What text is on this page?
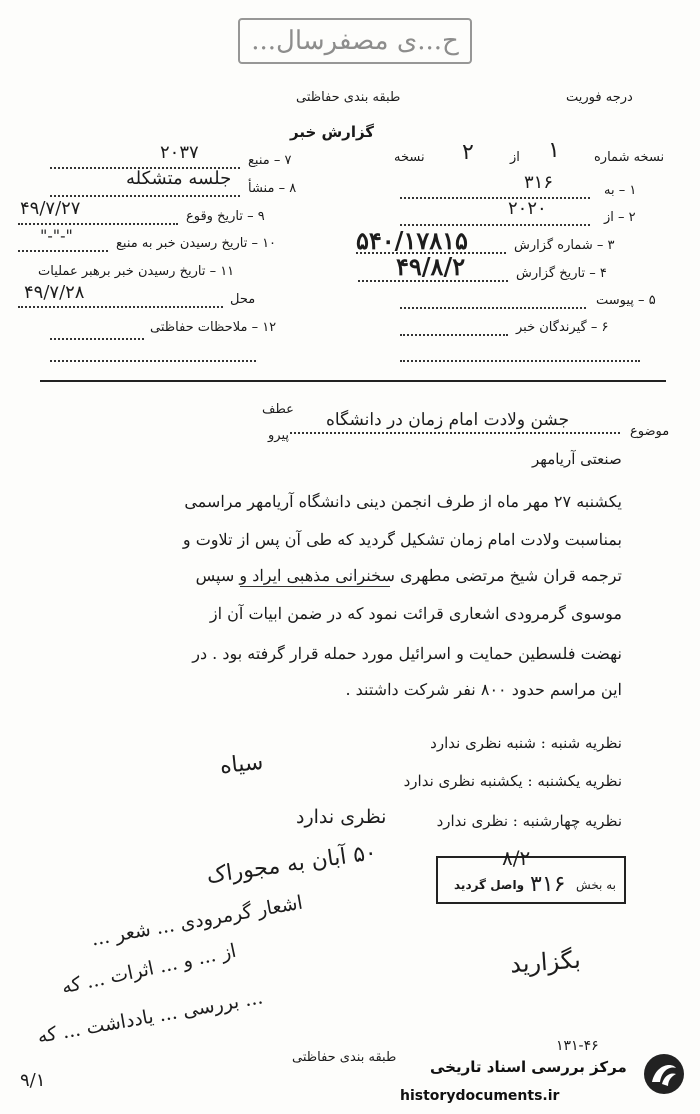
ح...ی مصفرسال...
طبقه بندی حفاظتی	درجه فوریت
گزارش خبر
نسخه شماره
۱
از
۲
نسخه
۱ – به
۳۱۶
۲ – از
۲۰۲۰
۳ – شماره گزارش
۵۴۰/۱۷۸۱۵
۴ – تاریخ گزارش
۴۹/۸/۲
۵ – پیوست
۶ – گیرندگان خبر
۷ – منبع
۲۰۳۷
۸ – منشأ
جلسه متشکله
۹ – تاریخ وقوع
۴۹/۷/۲۷
۱۰ – تاریخ رسیدن خبر به منبع
"-"-"
۱۱ – تاریخ رسیدن خبر برهبر عملیات
محل
۴۹/۷/۲۸
۱۲ – ملاحظات حفاظتی
موضوع
جشن ولادت امام زمان در دانشگاه
عطف
پیرو
صنعتی آریامهر
یکشنبه ۲۷ مهر ماه از طرف انجمن دینی دانشگاه آریامهر مراسمی
بمناسبت ولادت امام زمان تشکیل گردید که طی آن پس از تلاوت و
ترجمه قران شیخ مرتضی مطهری سخنرانی مذهبی ایراد و سپس
موسوی گرمرودی اشعاری قرائت نمود که در ضمن ابیات آن از
نهضت فلسطین حمایت و اسرائیل مورد حمله قرار گرفته بود . در
این مراسم حدود ۸۰۰ نفر شرکت داشتند .
نظریه شنبه : شنبه نظری ندارد
نظریه یکشنبه : یکشنبه نظری ندارد
سیاه
نظریه چهارشنبه : نظری ندارد
نظری ندارد
به بخش
واصل گردید ۳۱۶
۸/۲
۵۰ آبان به مجوراک
اشعار گرمرودی ... شعر ...
از ... و ... اثرات ... که
... بررسی ... یادداشت ... که
بگزارید
۹/۱
۱۳۱-۴۶
طبقه بندی حفاظتی
مرکز بررسی اسناد تاریخی
historydocuments.ir
